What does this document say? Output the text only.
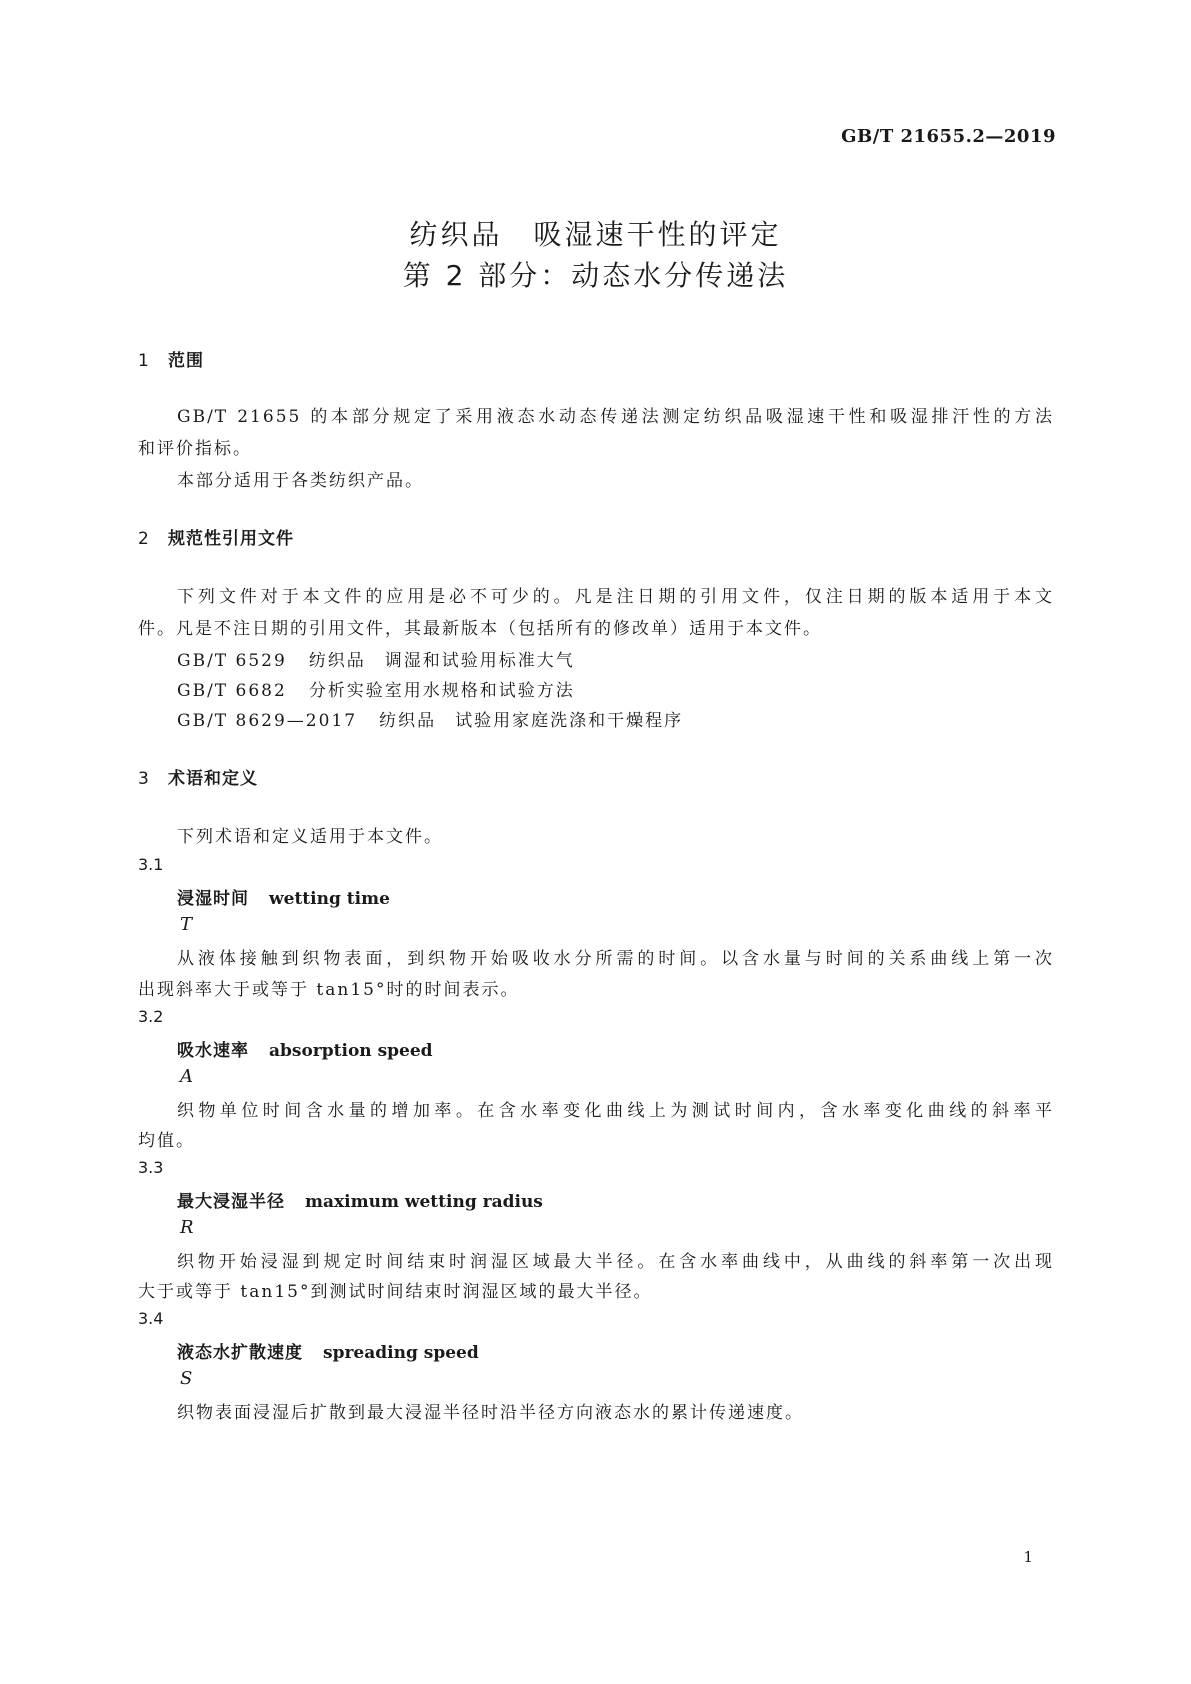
GB/T 21655.2—2019
纺织品　吸湿速干性的评定
第 2 部分：动态水分传递法
1 范围
GB/T 21655 的本部分规定了采用液态水动态传递法测定纺织品吸湿速干性和吸湿排汗性的方法
和评价指标。
本部分适用于各类纺织产品。
2 规范性引用文件
下列文件对于本文件的应用是必不可少的。凡是注日期的引用文件，仅注日期的版本适用于本文
件。凡是不注日期的引用文件，其最新版本（包括所有的修改单）适用于本文件。
GB/T 6529 纺织品　调湿和试验用标准大气
GB/T 6682 分析实验室用水规格和试验方法
GB/T 8629—2017 纺织品　试验用家庭洗涤和干燥程序
3 术语和定义
下列术语和定义适用于本文件。
3.1
浸湿时间 wetting time
T
从液体接触到织物表面，到织物开始吸收水分所需的时间。以含水量与时间的关系曲线上第一次
出现斜率大于或等于 tan15°时的时间表示。
3.2
吸水速率 absorption speed
A
织物单位时间含水量的增加率。在含水率变化曲线上为测试时间内，含水率变化曲线的斜率平
均值。
3.3
最大浸湿半径 maximum wetting radius
R
织物开始浸湿到规定时间结束时润湿区域最大半径。在含水率曲线中，从曲线的斜率第一次出现
大于或等于 tan15°到测试时间结束时润湿区域的最大半径。
3.4
液态水扩散速度 spreading speed
S
织物表面浸湿后扩散到最大浸湿半径时沿半径方向液态水的累计传递速度。
1
